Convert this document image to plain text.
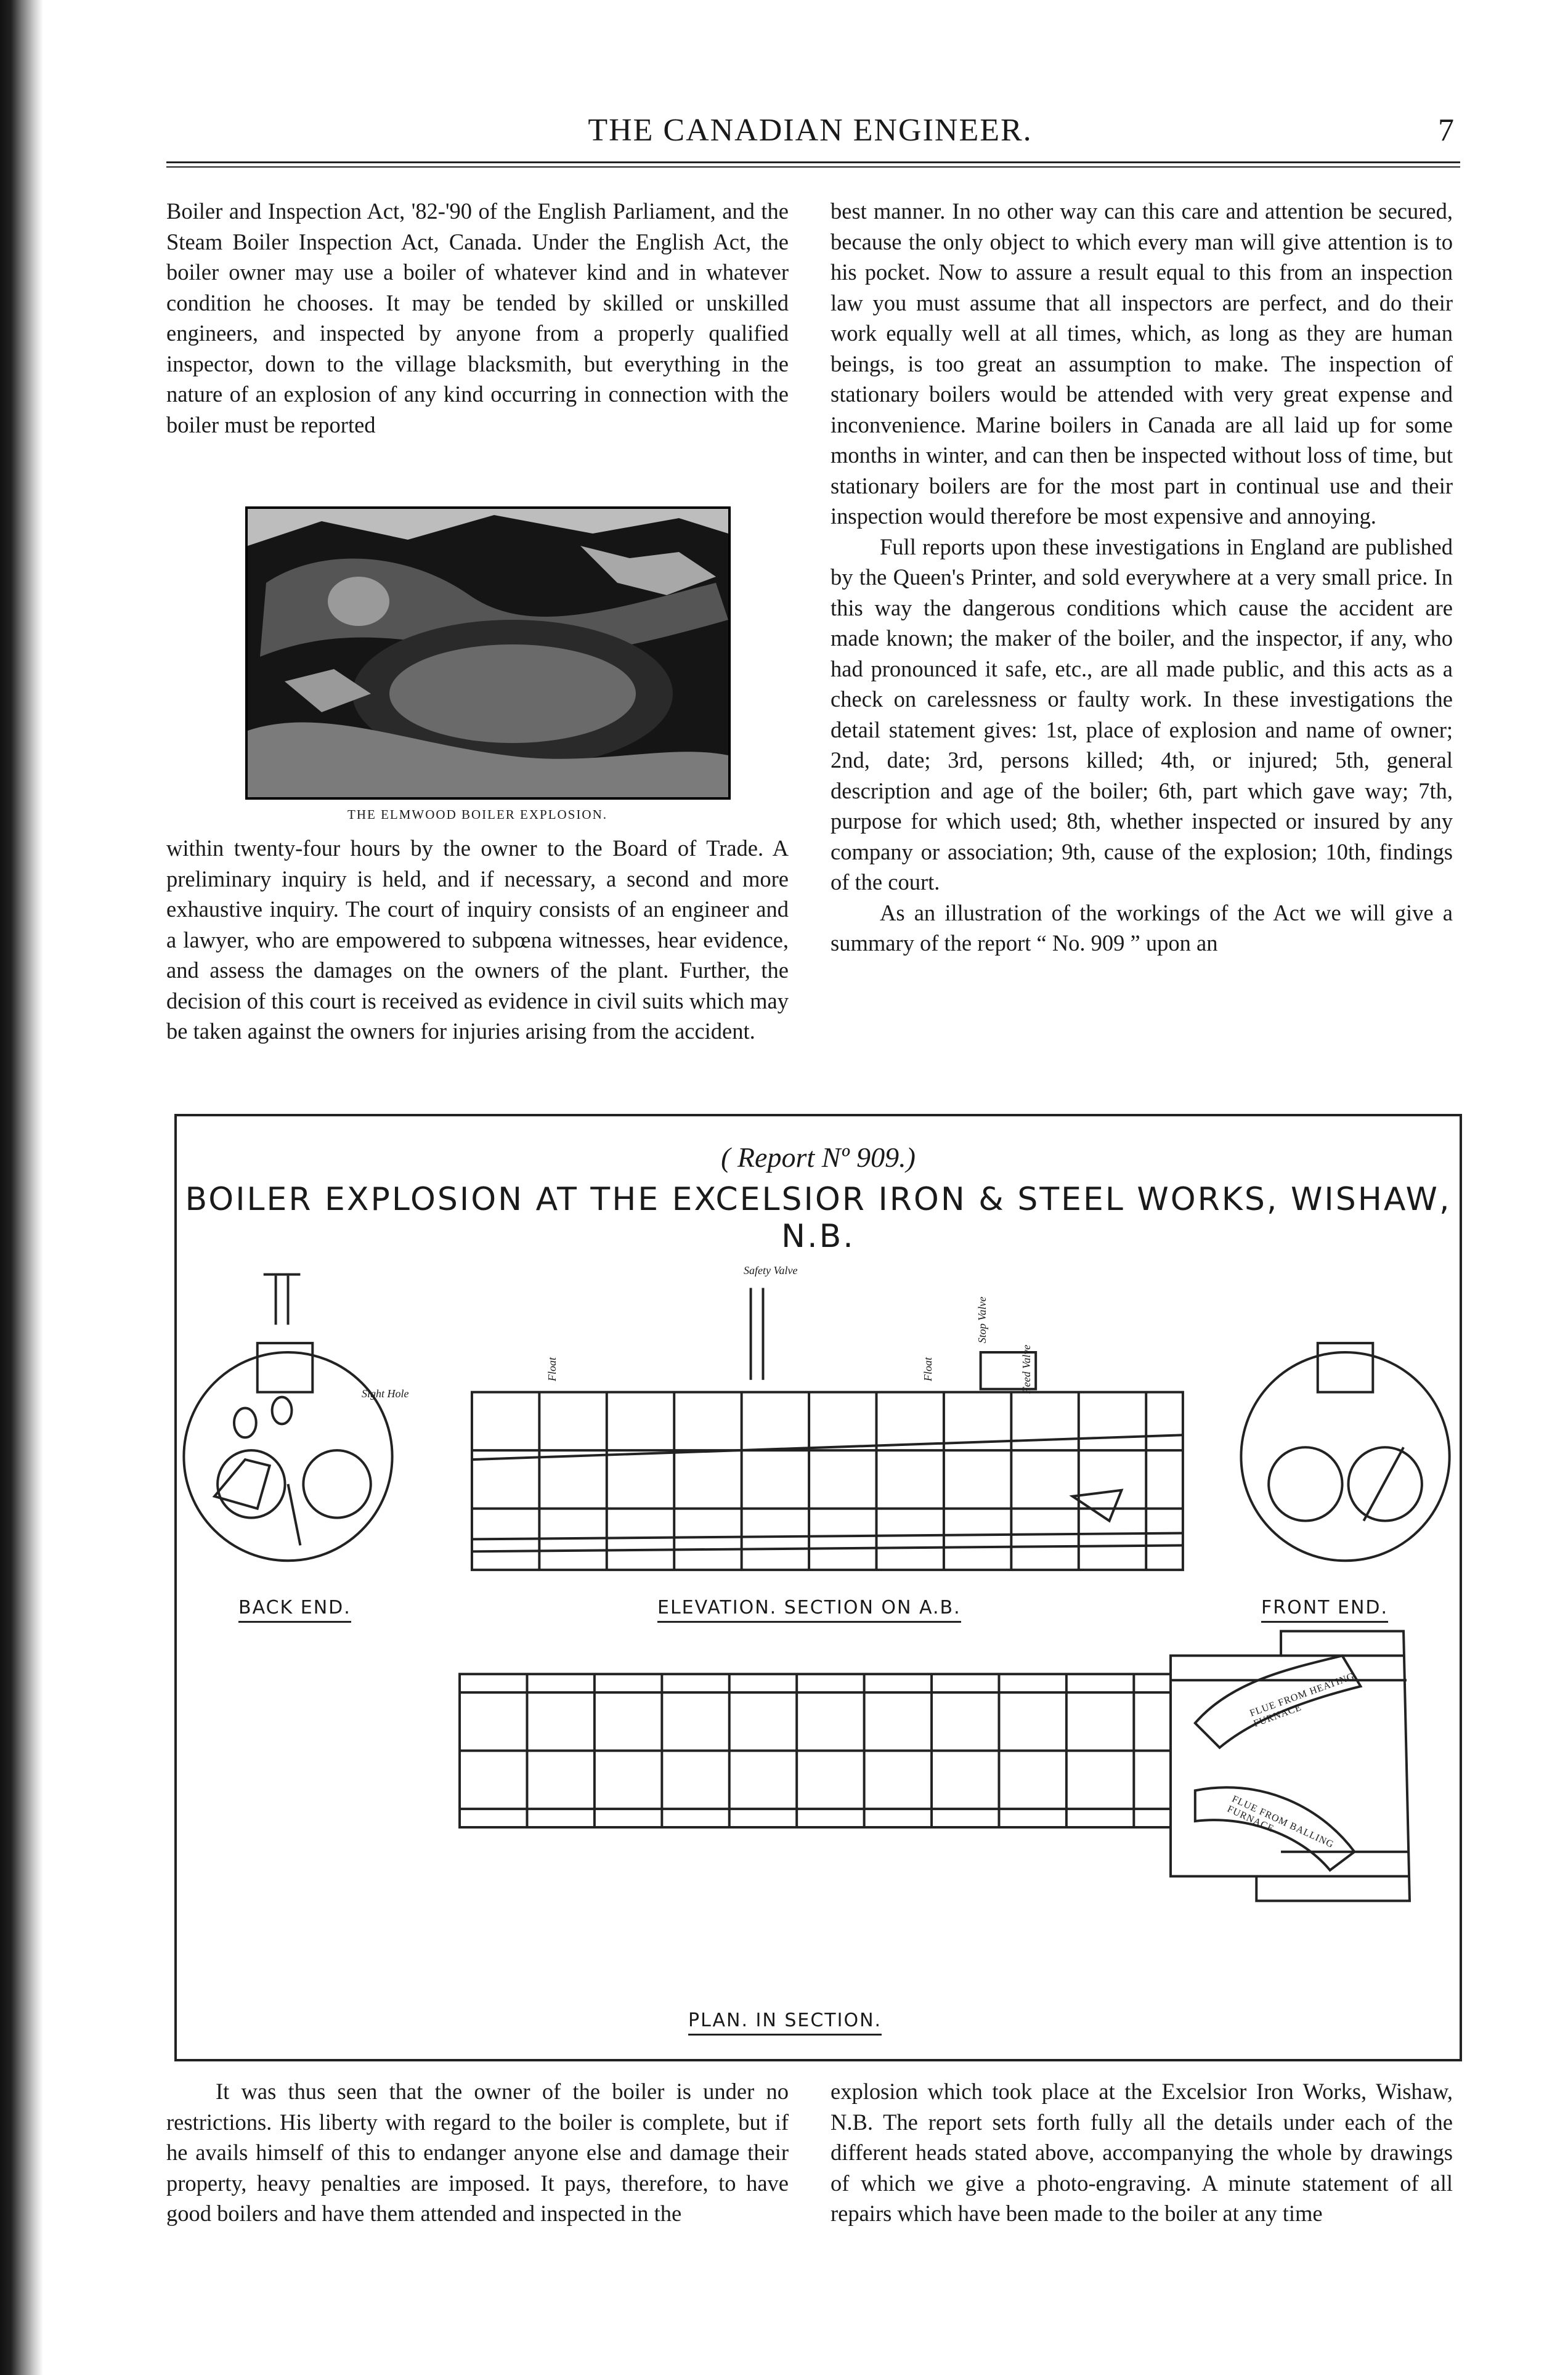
THE CANADIAN ENGINEER.	7

Boiler and Inspection Act, '82-'90 of the English Parliament, and the Steam Boiler Inspection Act, Canada. Under the English Act, the boiler owner may use a boiler of whatever kind and in whatever condition he chooses. It may be tended by skilled or unskilled engineers, and inspected by anyone from a properly qualified inspector, down to the village blacksmith, but everything in the nature of an explosion of any kind occurring in connection with the boiler must be reported

THE ELMWOOD BOILER EXPLOSION.

within twenty-four hours by the owner to the Board of Trade. A preliminary inquiry is held, and if necessary, a second and more exhaustive inquiry. The court of inquiry consists of an engineer and a lawyer, who are empowered to subpœna witnesses, hear evidence, and assess the damages on the owners of the plant. Further, the decision of this court is received as evidence in civil suits which may be taken against the owners for injuries arising from the accident.

best manner. In no other way can this care and attention be secured, because the only object to which every man will give attention is to his pocket. Now to assure a result equal to this from an inspection law you must assume that all inspectors are perfect, and do their work equally well at all times, which, as long as they are human beings, is too great an assumption to make. The inspection of stationary boilers would be attended with very great expense and inconvenience. Marine boilers in Canada are all laid up for some months in winter, and can then be inspected without loss of time, but stationary boilers are for the most part in continual use and their inspection would therefore be most expensive and annoying.

Full reports upon these investigations in England are published by the Queen's Printer, and sold everywhere at a very small price. In this way the dangerous conditions which cause the accident are made known; the maker of the boiler, and the inspector, if any, who had pronounced it safe, etc., are all made public, and this acts as a check on carelessness or faulty work. In these investigations the detail statement gives: 1st, place of explosion and name of owner; 2nd, date; 3rd, persons killed; 4th, or injured; 5th, general description and age of the boiler; 6th, part which gave way; 7th, purpose for which used; 8th, whether inspected or insured by any company or association; 9th, cause of the explosion; 10th, findings of the court.

As an illustration of the workings of the Act we will give a summary of the report “ No. 909 ” upon an

( Report Nº 909.)
BOILER EXPLOSION AT THE EXCELSIOR IRON & STEEL WORKS, WISHAW, N.B.
Safety Valve
Stop Valve
Float	Float	Feed Valve
Sight Hole
BACK END.	ELEVATION. SECTION ON A.B.	FRONT END.
FLUE FROM HEATING FURNACE
FLUE FROM BALLING FURNACE
PLAN. IN SECTION.

It was thus seen that the owner of the boiler is under no restrictions. His liberty with regard to the boiler is complete, but if he avails himself of this to endanger anyone else and damage their property, heavy penalties are imposed. It pays, therefore, to have good boilers and have them attended and inspected in the

explosion which took place at the Excelsior Iron Works, Wishaw, N.B. The report sets forth fully all the details under each of the different heads stated above, accompanying the whole by drawings of which we give a photo-engraving. A minute statement of all repairs which have been made to the boiler at any time
